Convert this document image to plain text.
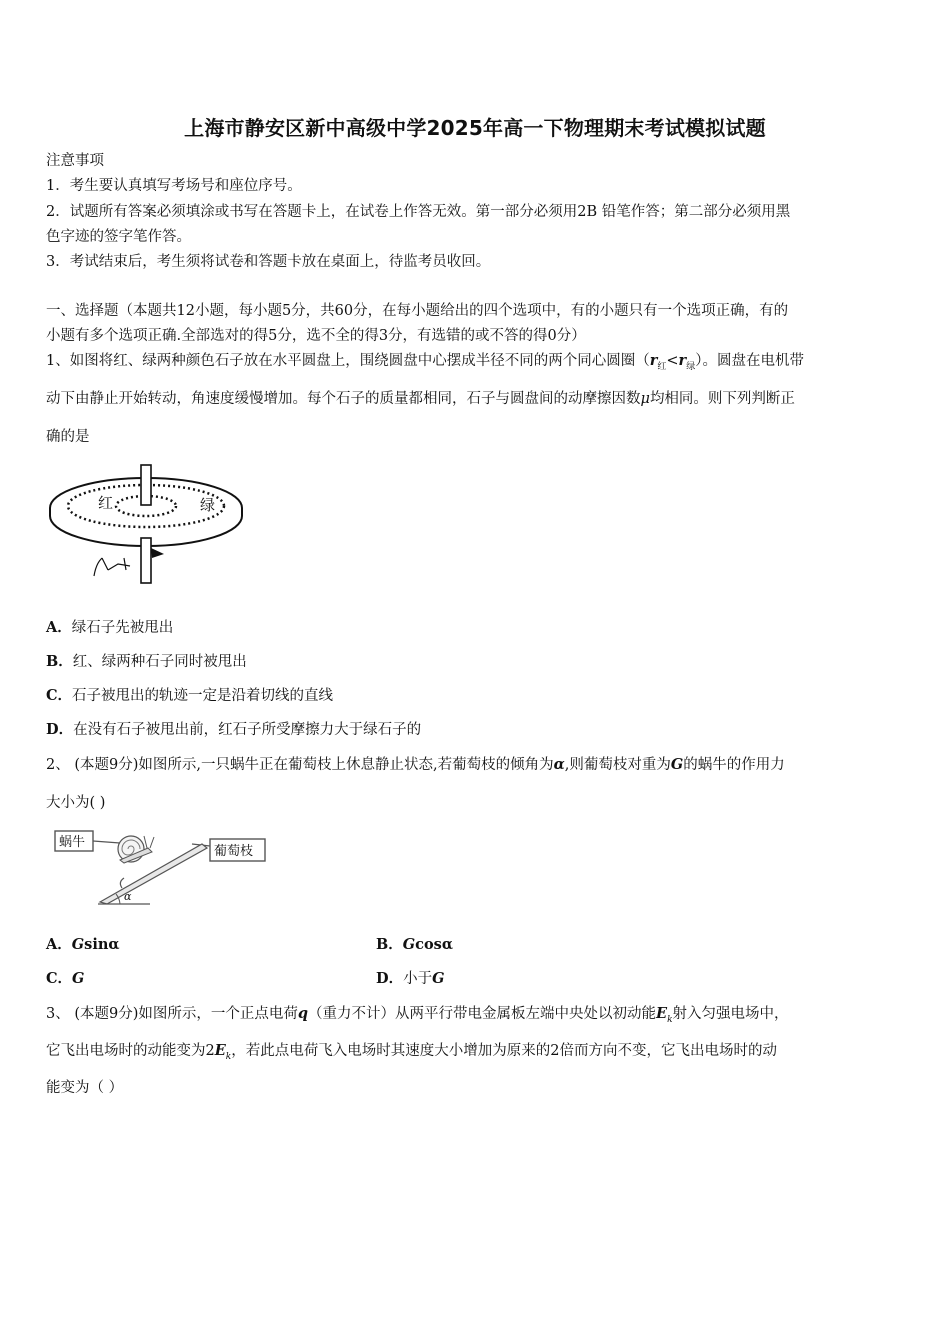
上海市静安区新中高级中学2025年高一下物理期末考试模拟试题
注意事项
1．考生要认真填写考场号和座位序号。
2．试题所有答案必须填涂或书写在答题卡上，在试卷上作答无效。第一部分必须用2B 铅笔作答；第二部分必须用黑
色字迹的签字笔作答。
3．考试结束后，考生须将试卷和答题卡放在桌面上，待监考员收回。
一、选择题（本题共12小题，每小题5分，共60分，在每小题给出的四个选项中，有的小题只有一个选项正确，有的
小题有多个选项正确.全部选对的得5分，选不全的得3分，有选错的或不答的得0分）
1、如图将红、绿两种颜色石子放在水平圆盘上，围绕圆盘中心摆成半径不同的两个同心圆圈$(r_红<r_绿)$。圆盘在电机带
动下由静止开始转动，角速度缓慢增加。每个石子的质量都相同，石子与圆盘间的动摩擦因数μ均相同。则下列判断正
确的是
红	绿
A．绿石子先被甩出
B．红、绿两种石子同时被甩出
C．石子被甩出的轨迹一定是沿着切线的直线
D．在没有石子被甩出前，红石子所受摩擦力大于绿石子的
2、 (本题9分)如图所示,一只蜗牛正在葡萄枝上休息静止状态,若葡萄枝的倾角为α,则葡萄枝对重为G的蜗牛的作用力
大小为( )
蜗牛
葡萄枝
α
A．Gsinα	B．Gcosα
C．G	D．小于G
3、 (本题9分)如图所示，一个正点电荷q（重力不计）从两平行带电金属板左端中央处以初动能$E_k$射入匀强电场中，
它飞出电场时的动能变为$2E_k$，若此点电荷飞入电场时其速度大小增加为原来的2倍而方向不变，它飞出电场时的动
能变为（ ）
